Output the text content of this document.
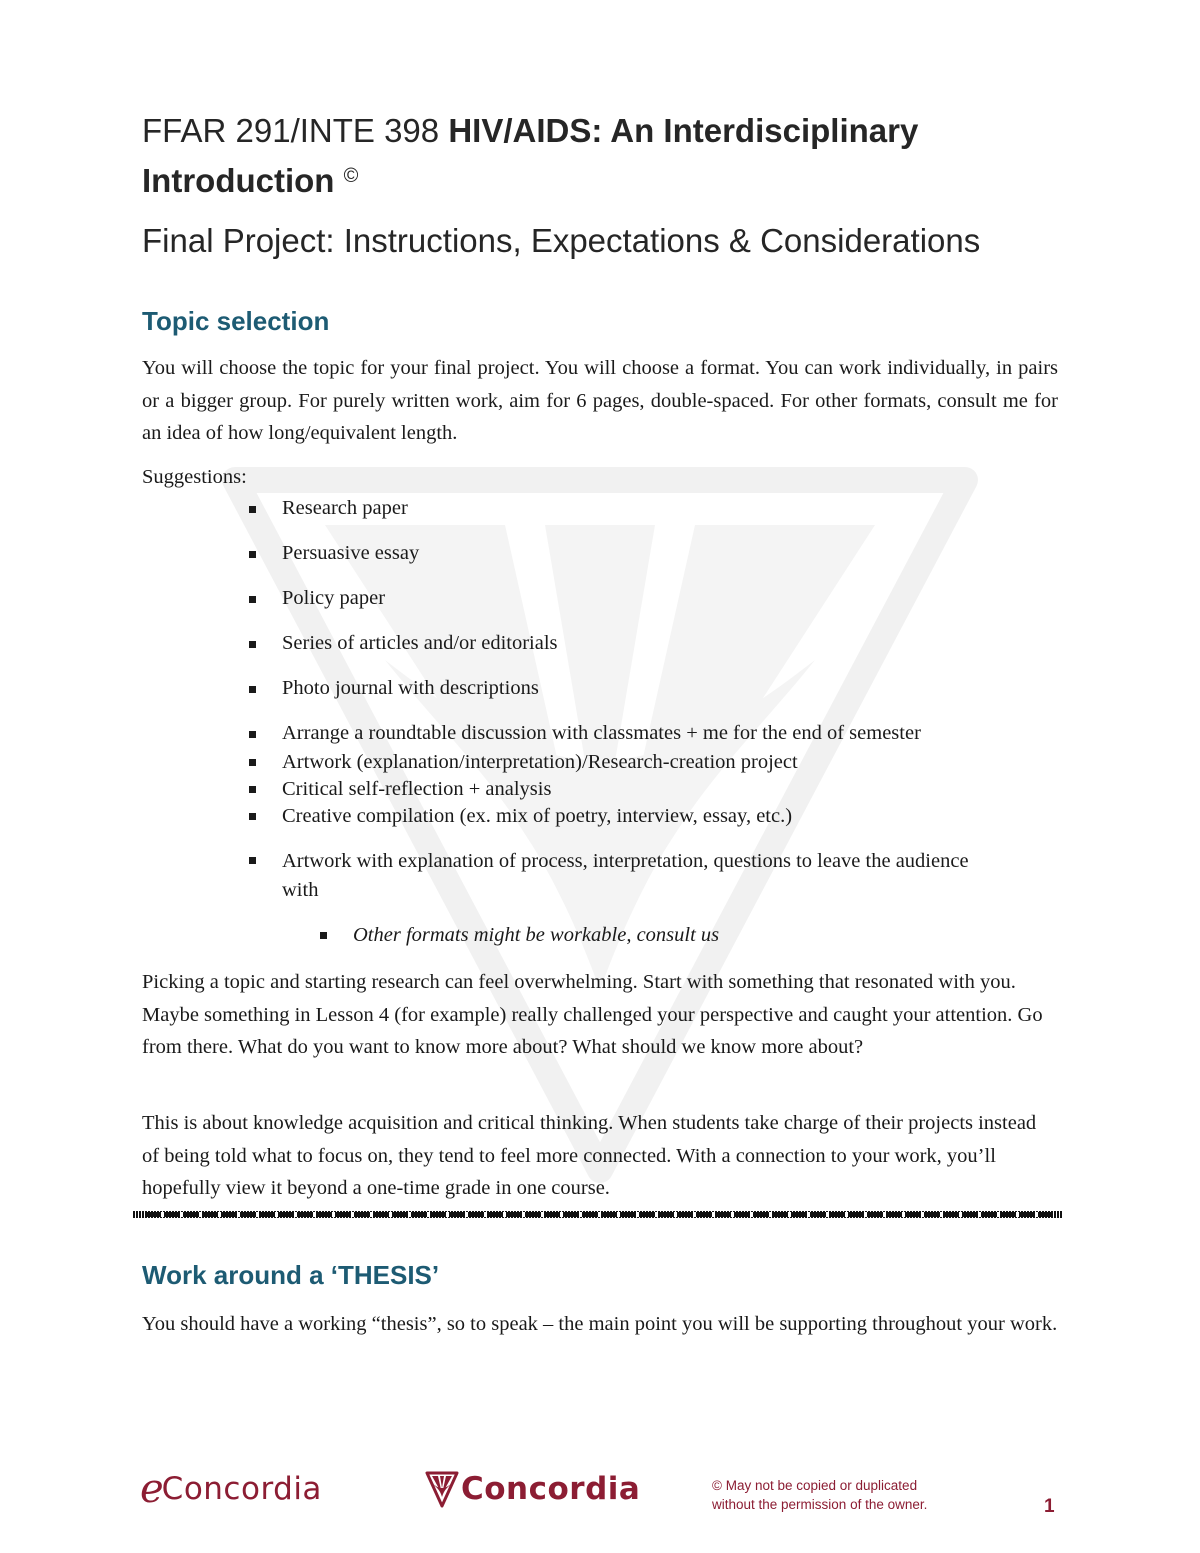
FFAR 291/INTE 398 HIV/AIDS: An Interdisciplinary
Introduction ©
Final Project: Instructions, Expectations & Considerations
Topic selection
You will choose the topic for your final project. You will choose a format. You can work individually, in pairs or a bigger group. For purely written work, aim for 6 pages, double-spaced. For other formats, consult me for an idea of how long/equivalent length.
Suggestions:
Research paper
Persuasive essay
Policy paper
Series of articles and/or editorials
Photo journal with descriptions
Arrange a roundtable discussion with classmates + me for the end of semester
Artwork (explanation/interpretation)/Research-creation project
Critical self-reflection + analysis
Creative compilation (ex. mix of poetry, interview, essay, etc.)
Artwork with explanation of process, interpretation, questions to leave the audience with
Other formats might be workable, consult us
Picking a topic and starting research can feel overwhelming. Start with something that resonated with you. Maybe something in Lesson 4 (for example) really challenged your perspective and caught your attention. Go from there. What do you want to know more about? What should we know more about?
This is about knowledge acquisition and critical thinking. When students take charge of their projects instead of being told what to focus on, they tend to feel more connected. With a connection to your work, you’ll hopefully view it beyond a one-time grade in one course.
Work around a ‘THESIS’
You should have a working “thesis”, so to speak – the main point you will be supporting throughout your work.
e
Concordia	Concordia	© May not be copied or duplicated
without the permission of the owner.	1
